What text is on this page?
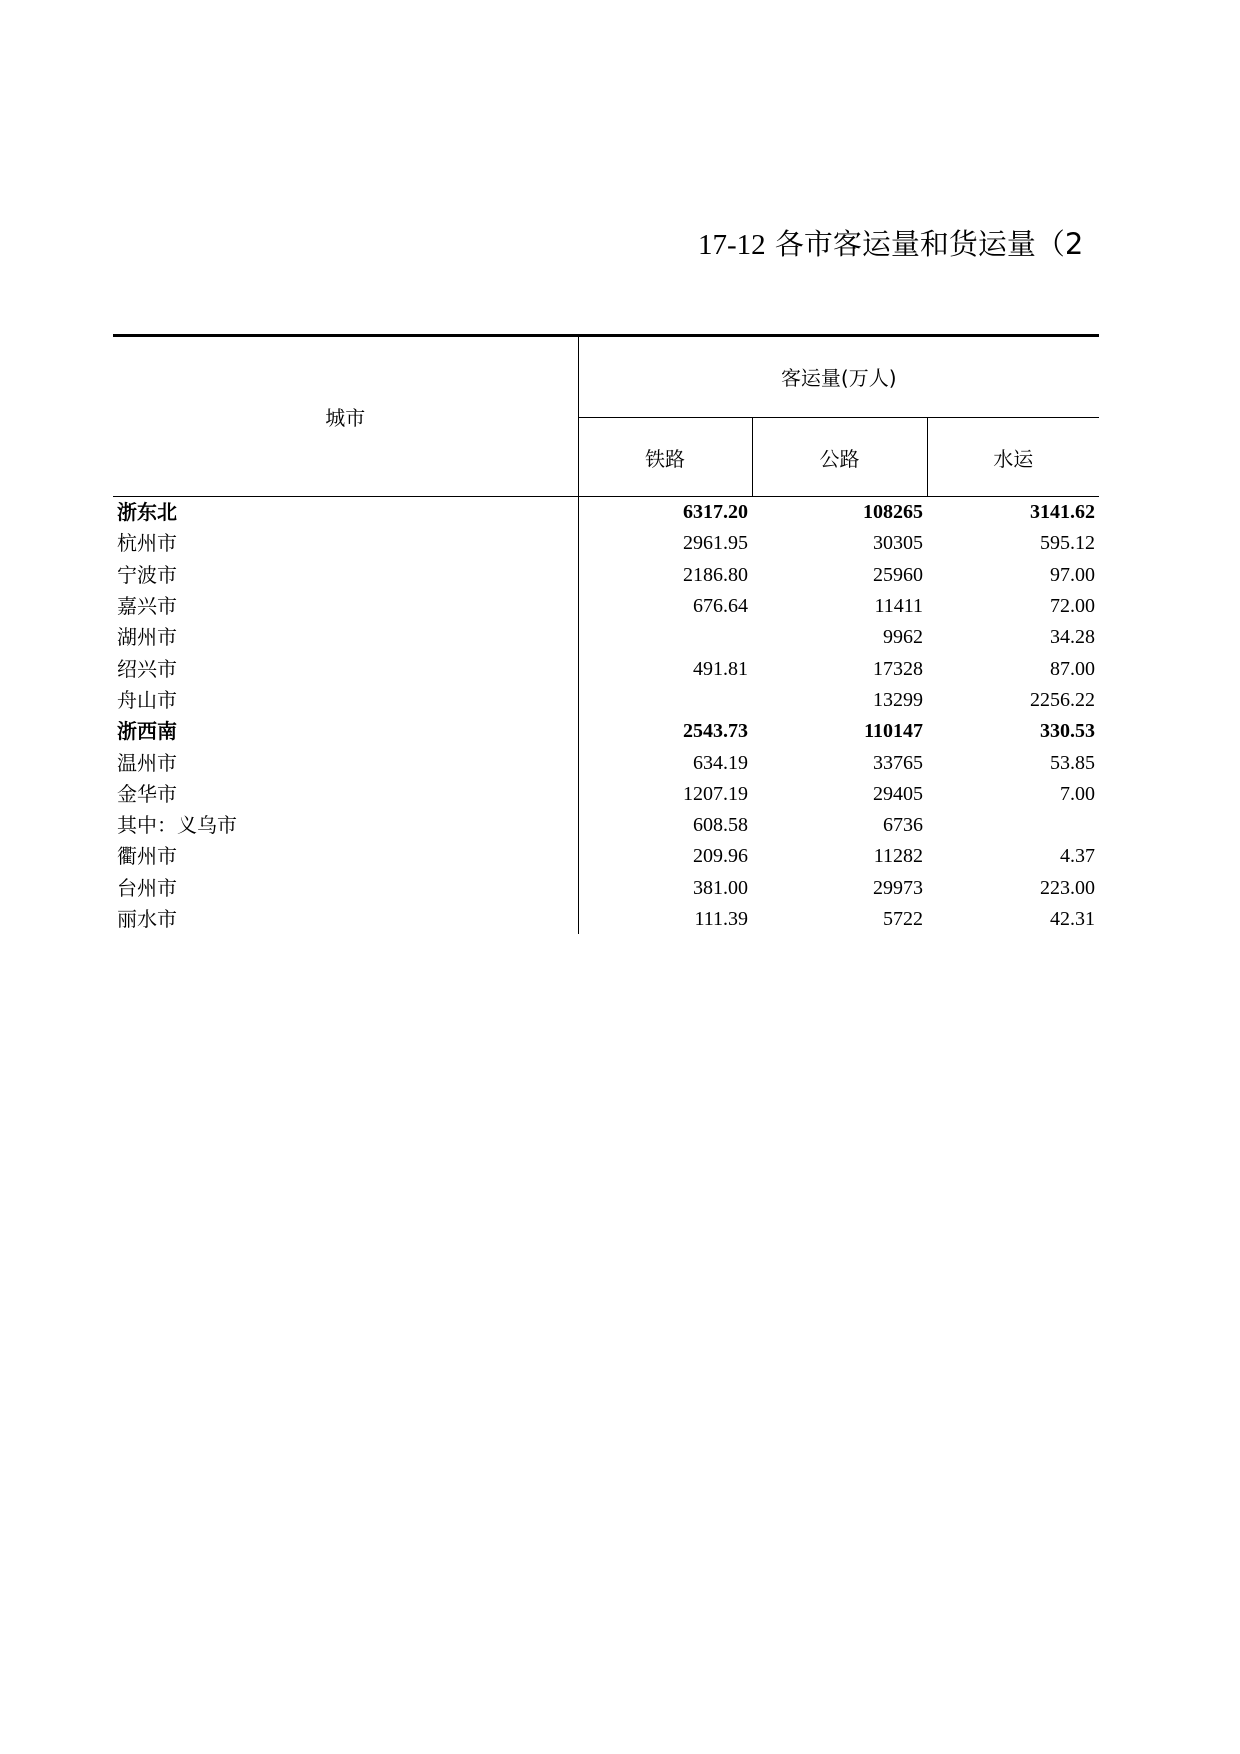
17-12 各市客运量和货运量（2
城市	客运量(万人)		
	铁路	公路	水运
浙东北	6317.20	108265	3141.62
杭州市	2961.95	30305	595.12
宁波市	2186.80	25960	97.00
嘉兴市	676.64	11411	72.00
湖州市		9962	34.28
绍兴市	491.81	17328	87.00
舟山市		13299	2256.22
浙西南	2543.73	110147	330.53
温州市	634.19	33765	53.85
金华市	1207.19	29405	7.00
其中：义乌市	608.58	6736	
衢州市	209.96	11282	4.37
台州市	381.00	29973	223.00
丽水市	111.39	5722	42.31
